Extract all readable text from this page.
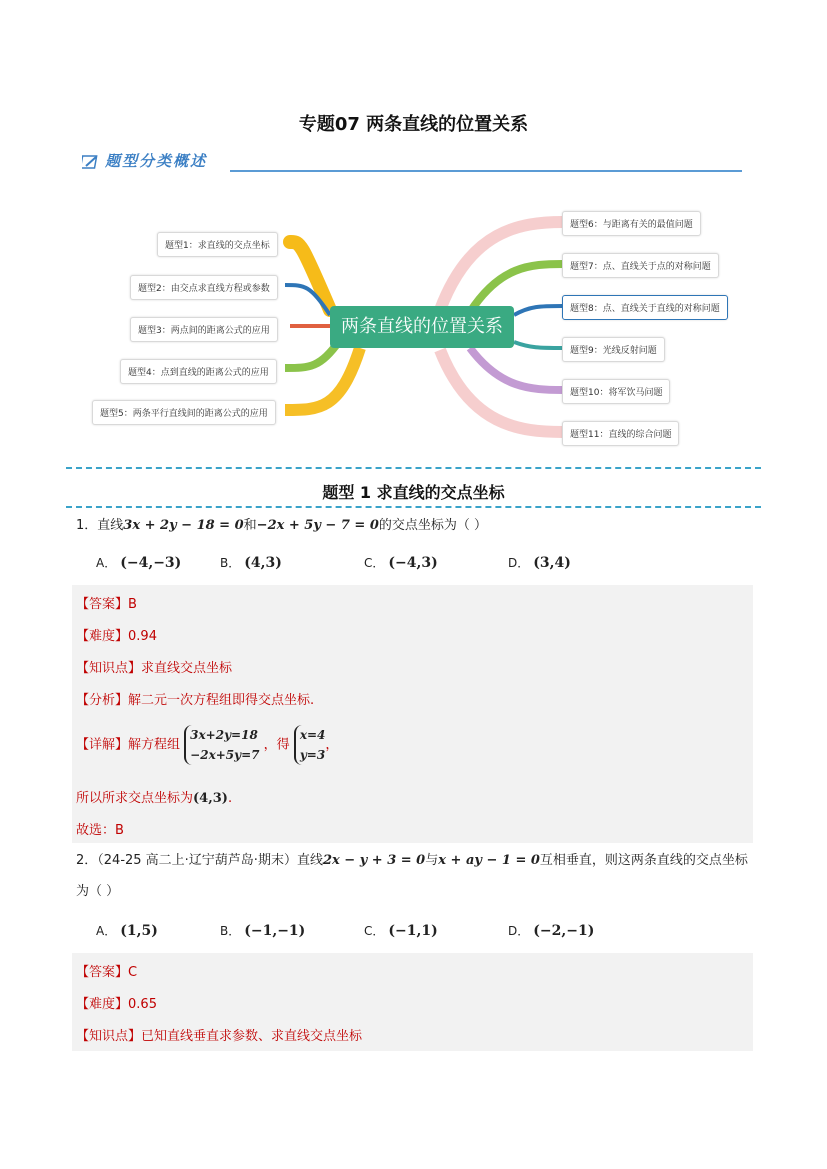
专题07 两条直线的位置关系
题型分类概述
两条直线的位置关系
题型1：求直线的交点坐标
题型2：由交点求直线方程或参数
题型3：两点间的距离公式的应用
题型4：点到直线的距离公式的应用
题型5：两条平行直线间的距离公式的应用
题型6：与距离有关的最值问题
题型7：点、直线关于点的对称问题
题型8：点、直线关于直线的对称问题
题型9：光线反射问题
题型10：将军饮马问题
题型11：直线的综合问题
题型 1 求直线的交点坐标
1．直线3x + 2y − 18 = 0和−2x + 5y − 7 = 0的交点坐标为（ ）
A． (−4,−3)	B． (4,3)	C． (−4,3)	D． (3,4)
【答案】B
【难度】0.94
【知识点】求直线交点坐标
【分析】解二元一次方程组即得交点坐标.
【详解】解方程组 3x+2y=18
−2x+5y=7 ，得 x=4
y=3，
所以所求交点坐标为(4,3).
故选：B
2．（24-25 高二上·辽宁葫芦岛·期末）直线2x − y + 3 = 0与x + ay − 1 = 0互相垂直，则这两条直线的交点坐标
为（ ）
A． (1,5)	B． (−1,−1)	C． (−1,1)	D． (−2,−1)
【答案】C
【难度】0.65
【知识点】已知直线垂直求参数、求直线交点坐标
